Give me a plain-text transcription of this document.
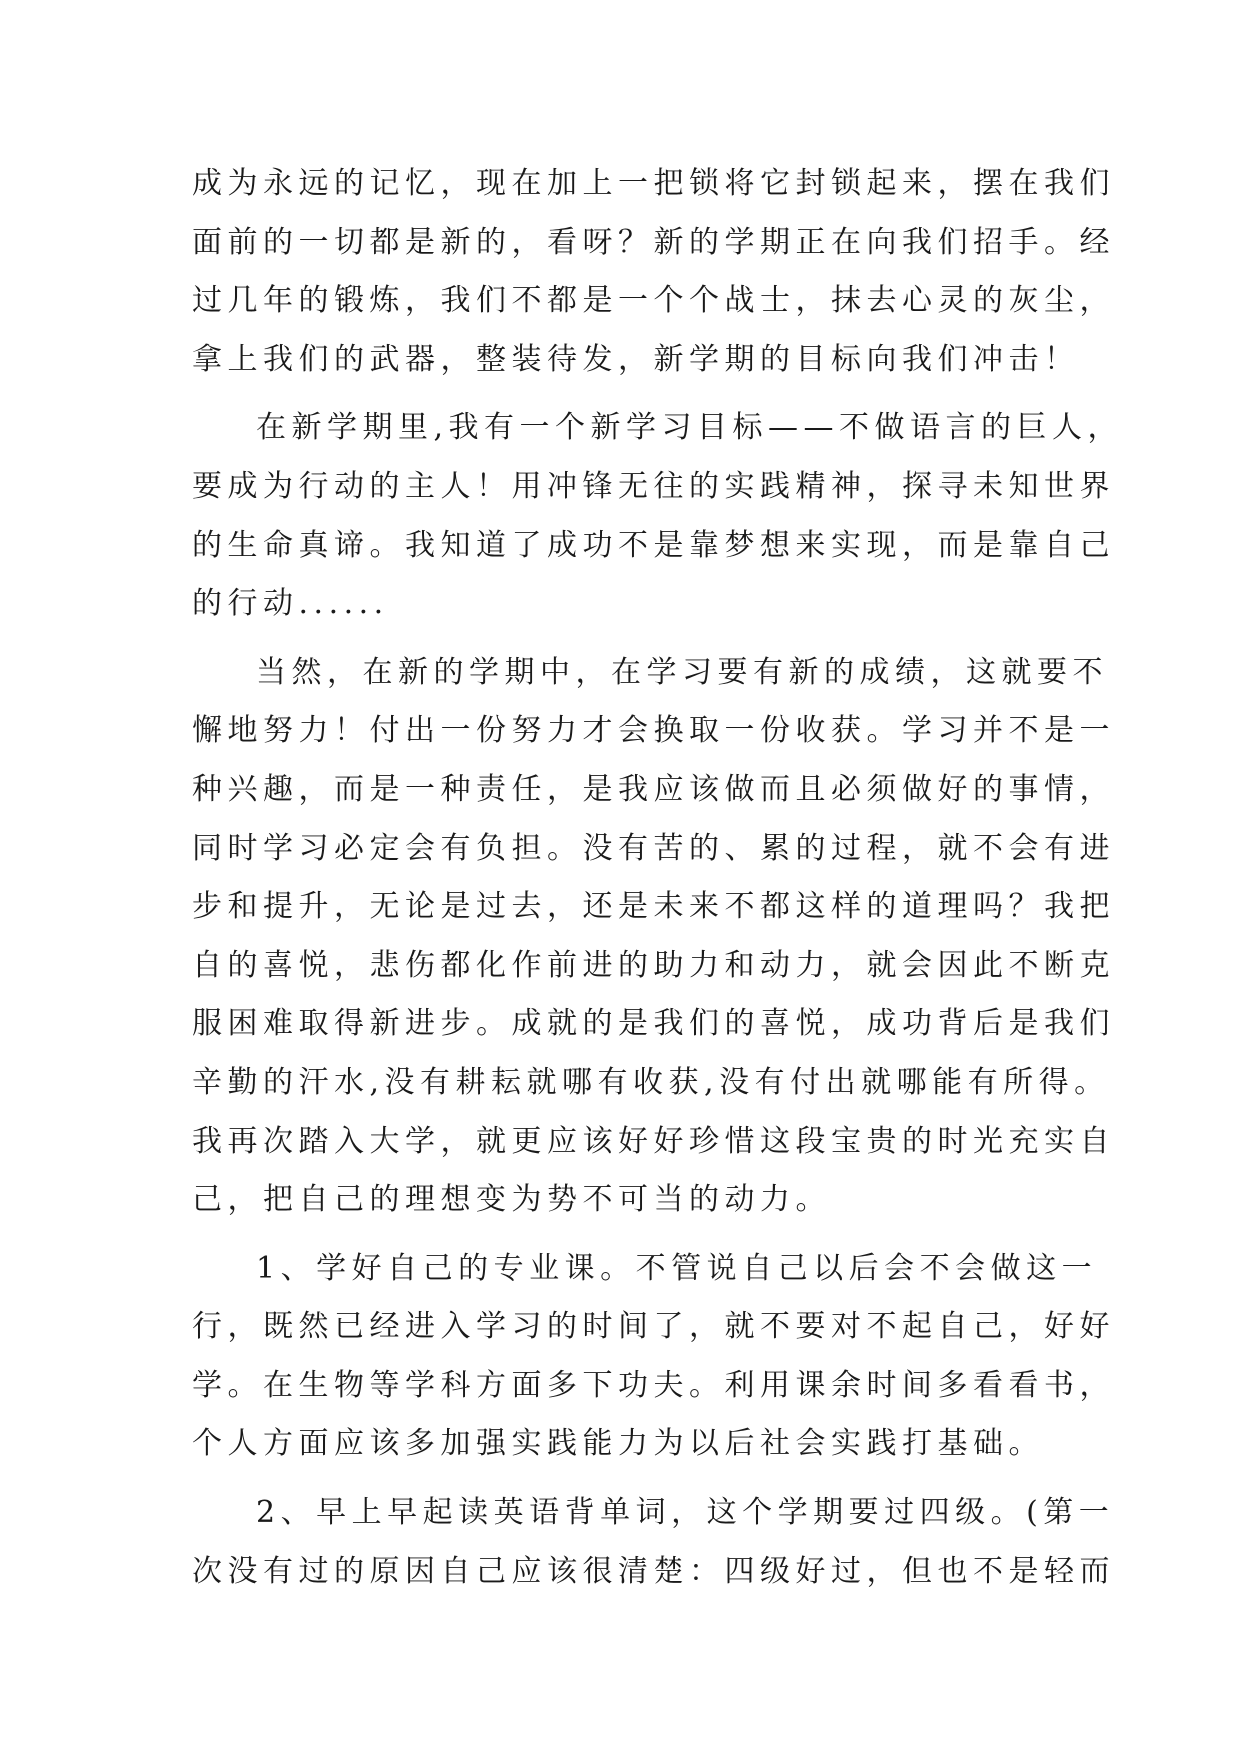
成为永远的记忆，现在加上一把锁将它封锁起来，摆在我们
面前的一切都是新的，看呀？新的学期正在向我们招手。经
过几年的锻炼，我们不都是一个个战士，抹去心灵的灰尘，
拿上我们的武器，整装待发，新学期的目标向我们冲击！
在新学期里,我有一个新学习目标——不做语言的巨人，
要成为行动的主人！用冲锋无往的实践精神，探寻未知世界
的生命真谛。我知道了成功不是靠梦想来实现，而是靠自己
的行动......
当然，在新的学期中，在学习要有新的成绩，这就要不
懈地努力！付出一份努力才会换取一份收获。学习并不是一
种兴趣，而是一种责任，是我应该做而且必须做好的事情，
同时学习必定会有负担。没有苦的、累的过程，就不会有进
步和提升，无论是过去，还是未来不都这样的道理吗？我把
自的喜悦，悲伤都化作前进的助力和动力，就会因此不断克
服困难取得新进步。成就的是我们的喜悦，成功背后是我们
辛勤的汗水,没有耕耘就哪有收获,没有付出就哪能有所得。
我再次踏入大学，就更应该好好珍惜这段宝贵的时光充实自
己，把自己的理想变为势不可当的动力。
1、学好自己的专业课。不管说自己以后会不会做这一
行，既然已经进入学习的时间了，就不要对不起自己，好好
学。在生物等学科方面多下功夫。利用课余时间多看看书，
个人方面应该多加强实践能力为以后社会实践打基础。
2、早上早起读英语背单词，这个学期要过四级。(第一
次没有过的原因自己应该很清楚：四级好过，但也不是轻而
